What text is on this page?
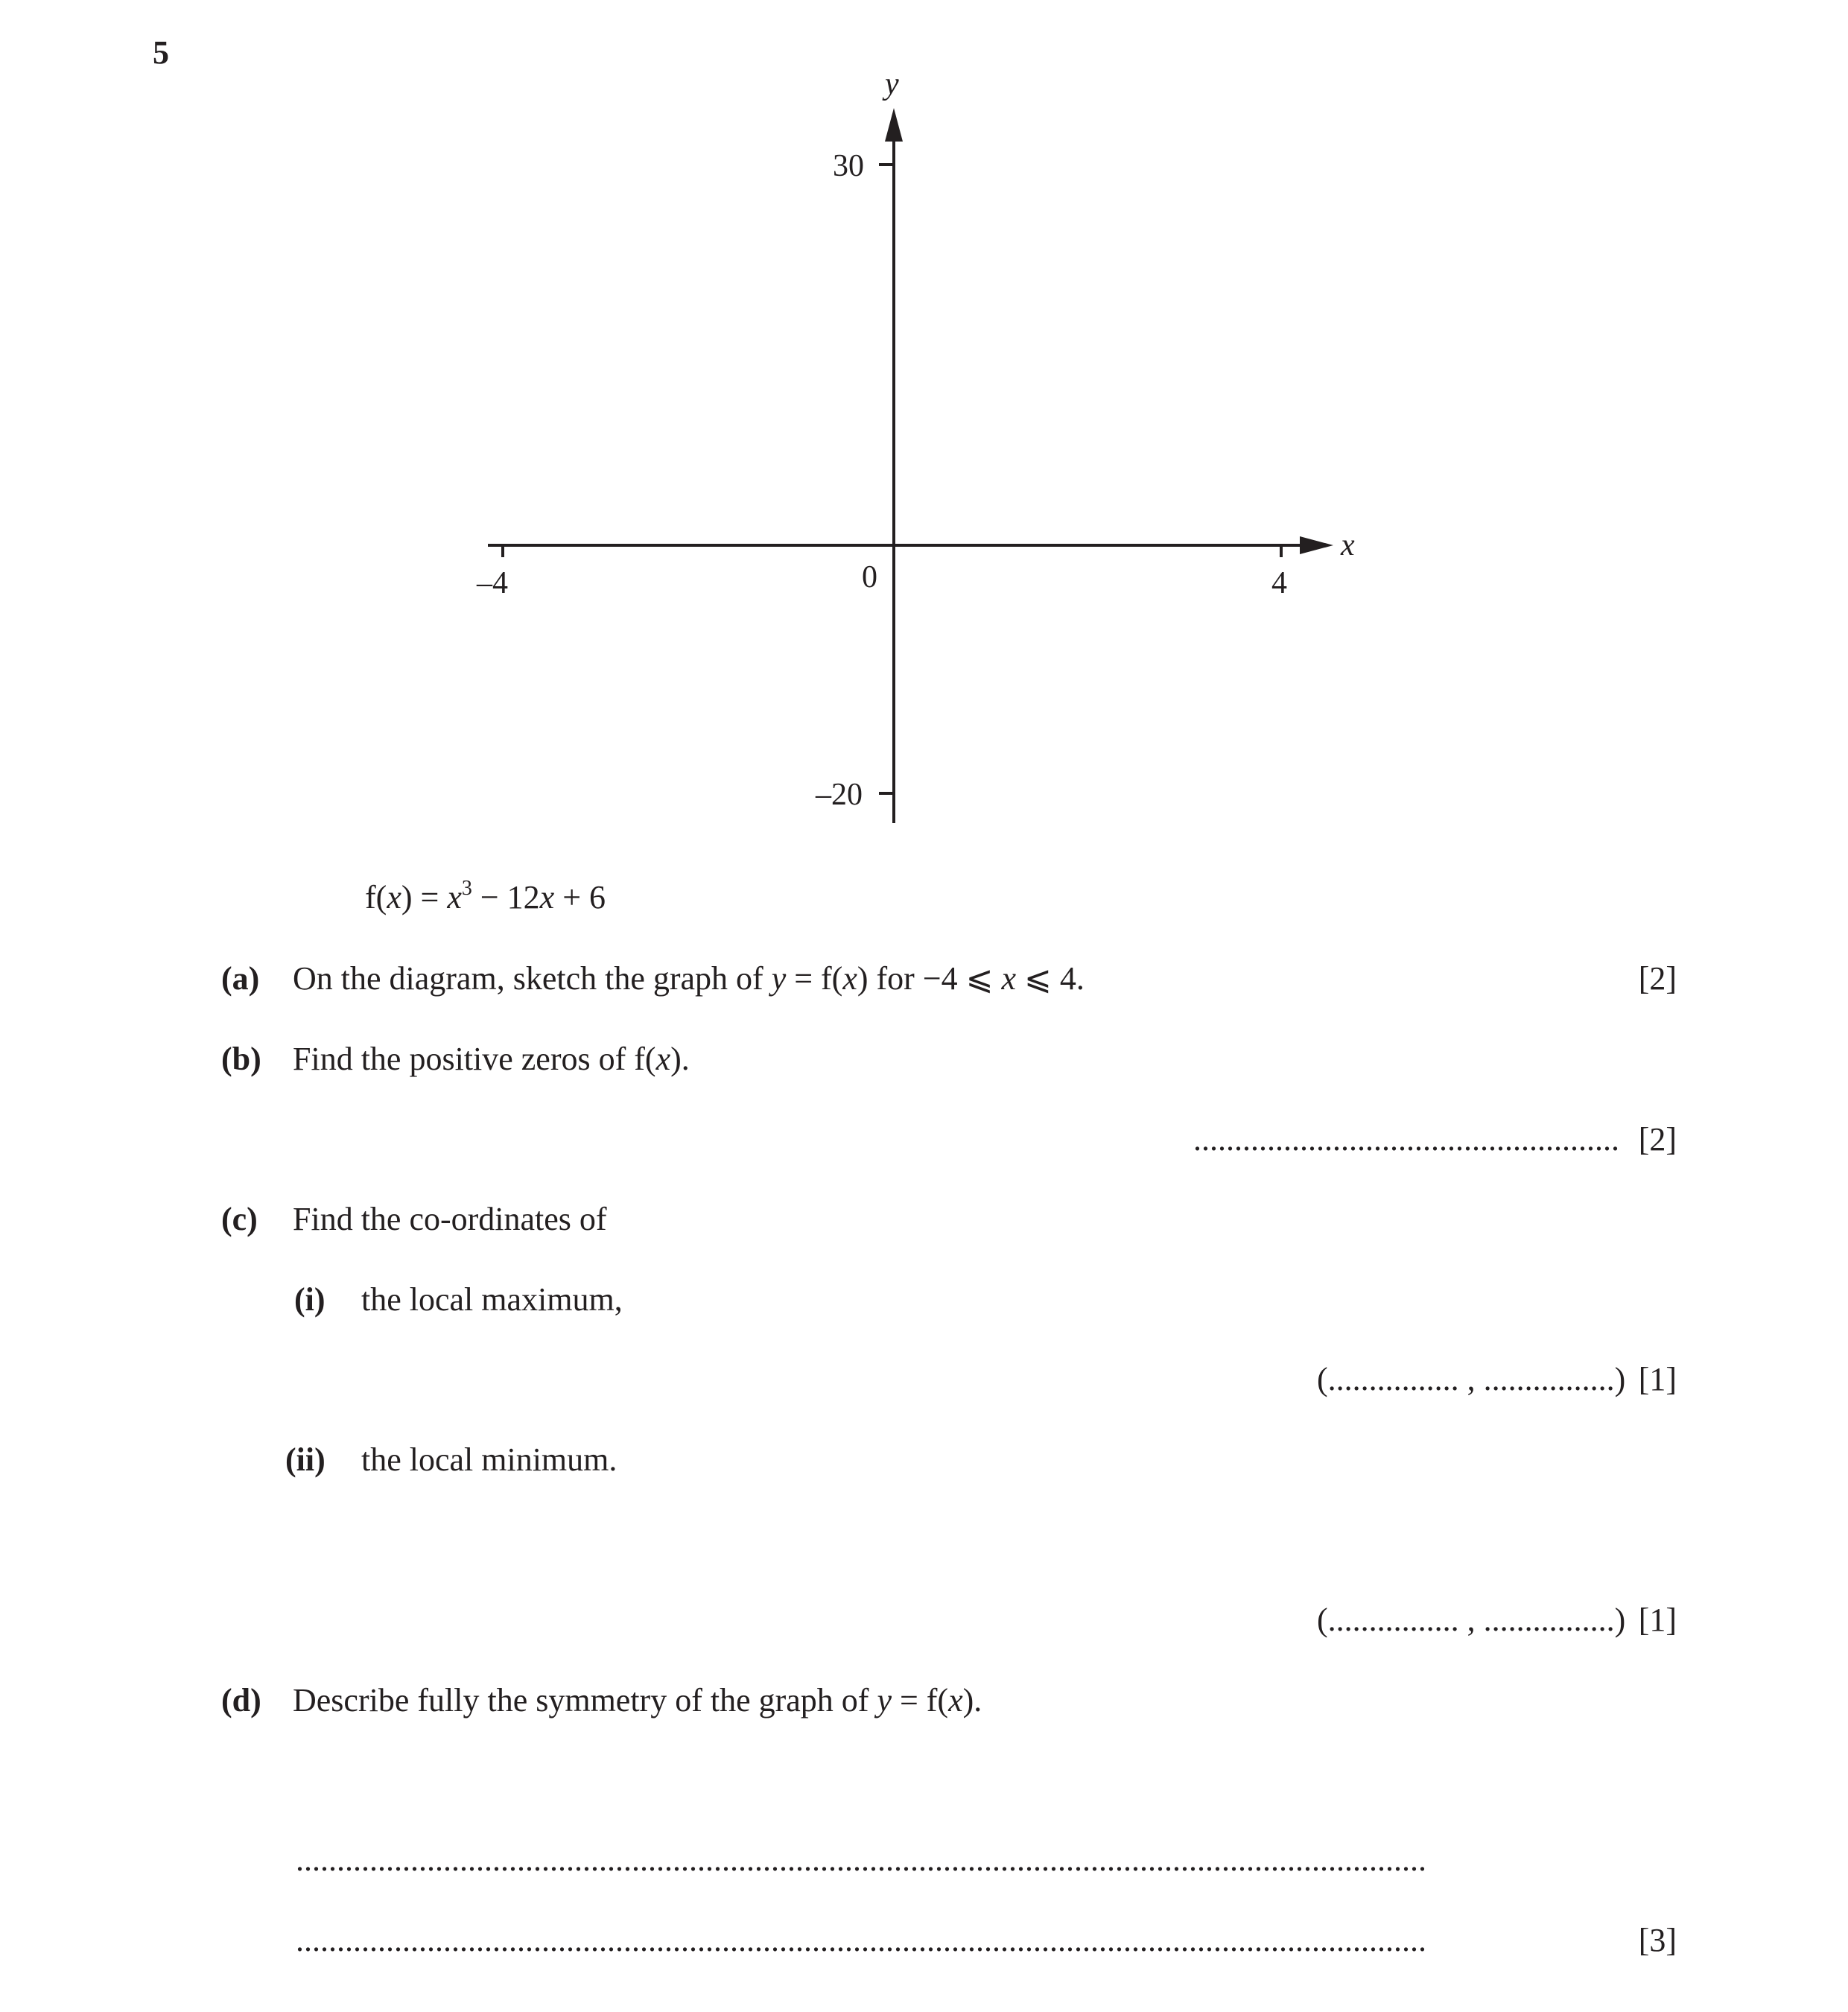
5
y
x
30
–20
–4	4
0
$f(x) = x^3 - 12x + 6$
(a) On the diagram, sketch the graph of y = f(x) for −4 ⩽ x ⩽ 4.	[2]
(b) Find the positive zeros of f(x).
.................................................... [2]
(c) Find the co-ordinates of
(i) the local maximum,
(................ , ................) [1]
(ii) the local minimum.
(................ , ................) [1]
(d) Describe fully the symmetry of the graph of y = f(x).
..........................................................................................................................................
..........................................................................................................................................	[3]
